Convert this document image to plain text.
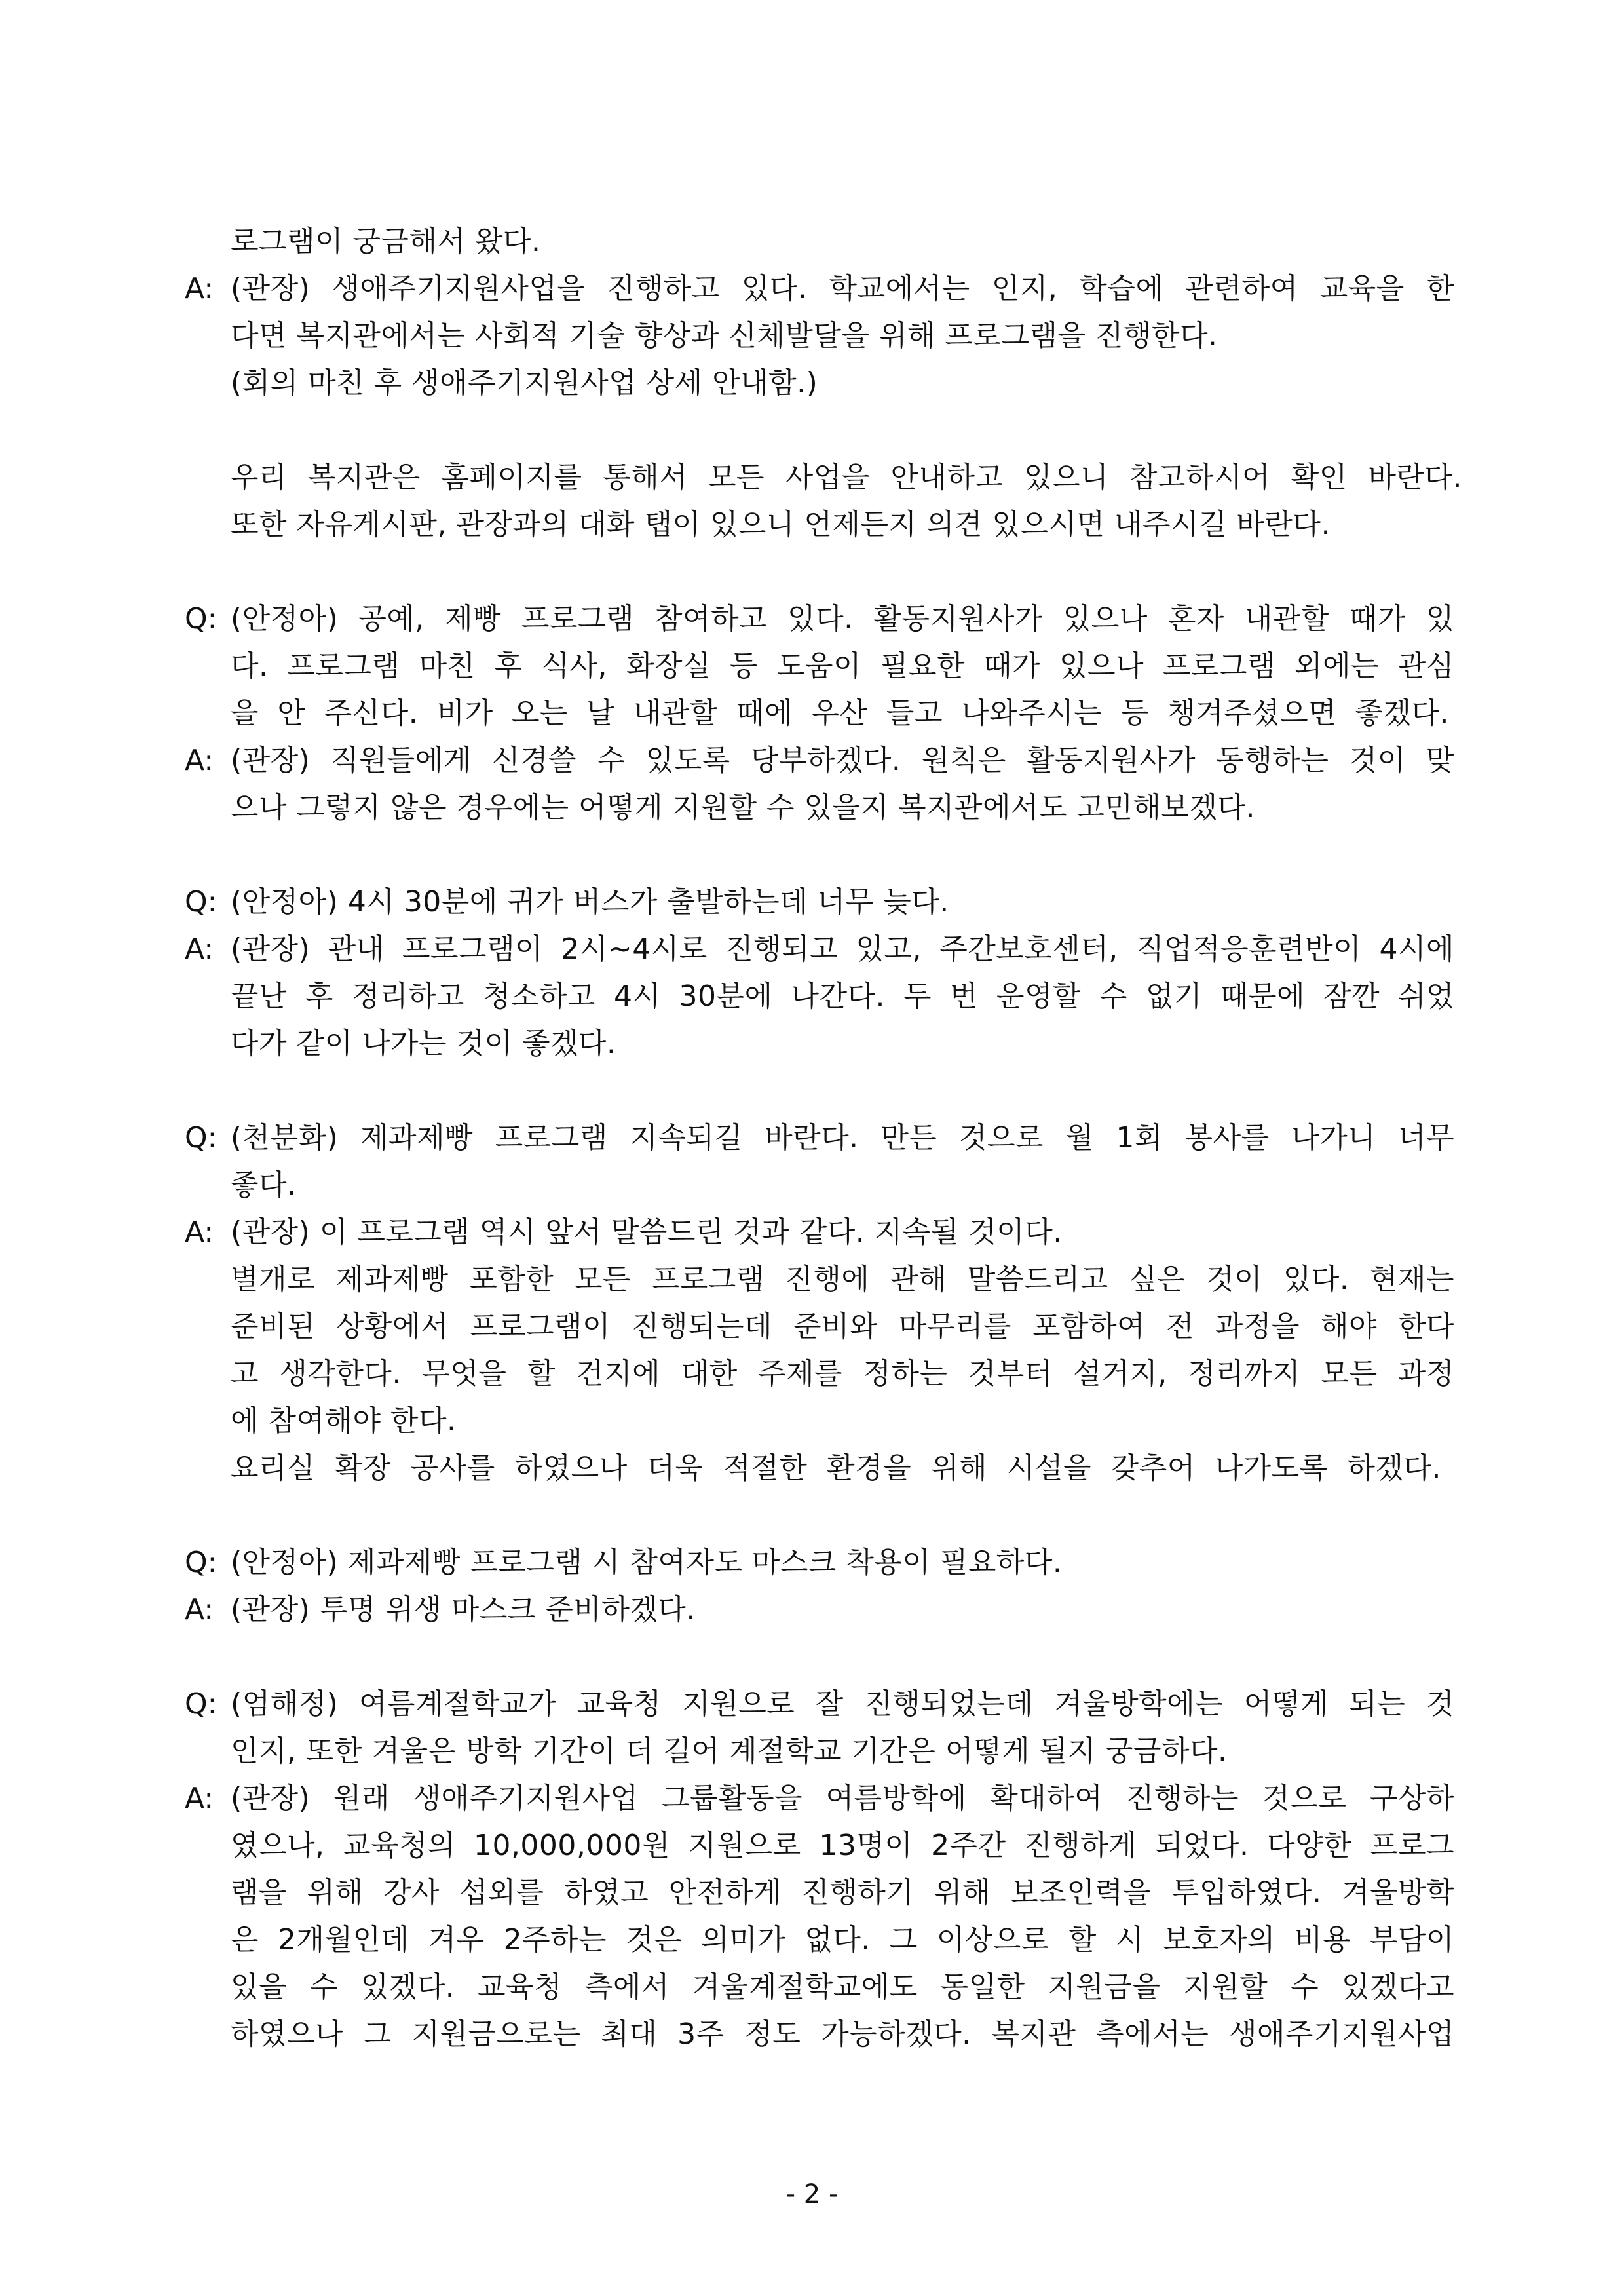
로그램이 궁금해서 왔다.
A: (관장) 생애주기지원사업을 진행하고 있다. 학교에서는 인지, 학습에 관련하여 교육을 한
다면 복지관에서는 사회적 기술 향상과 신체발달을 위해 프로그램을 진행한다.
(회의 마친 후 생애주기지원사업 상세 안내함.)
우리 복지관은 홈페이지를 통해서 모든 사업을 안내하고 있으니 참고하시어 확인 바란다.
또한 자유게시판, 관장과의 대화 탭이 있으니 언제든지 의견 있으시면 내주시길 바란다.
Q: (안정아) 공예, 제빵 프로그램 참여하고 있다. 활동지원사가 있으나 혼자 내관할 때가 있
다. 프로그램 마친 후 식사, 화장실 등 도움이 필요한 때가 있으나 프로그램 외에는 관심
을 안 주신다. 비가 오는 날 내관할 때에 우산 들고 나와주시는 등 챙겨주셨으면 좋겠다.
A: (관장) 직원들에게 신경쓸 수 있도록 당부하겠다. 원칙은 활동지원사가 동행하는 것이 맞
으나 그렇지 않은 경우에는 어떻게 지원할 수 있을지 복지관에서도 고민해보겠다.
Q: (안정아) 4시 30분에 귀가 버스가 출발하는데 너무 늦다.
A: (관장) 관내 프로그램이 2시~4시로 진행되고 있고, 주간보호센터, 직업적응훈련반이 4시에
끝난 후 정리하고 청소하고 4시 30분에 나간다. 두 번 운영할 수 없기 때문에 잠깐 쉬었
다가 같이 나가는 것이 좋겠다.
Q: (천분화) 제과제빵 프로그램 지속되길 바란다. 만든 것으로 월 1회 봉사를 나가니 너무
좋다.
A: (관장) 이 프로그램 역시 앞서 말씀드린 것과 같다. 지속될 것이다.
별개로 제과제빵 포함한 모든 프로그램 진행에 관해 말씀드리고 싶은 것이 있다. 현재는
준비된 상황에서 프로그램이 진행되는데 준비와 마무리를 포함하여 전 과정을 해야 한다
고 생각한다. 무엇을 할 건지에 대한 주제를 정하는 것부터 설거지, 정리까지 모든 과정
에 참여해야 한다.
요리실 확장 공사를 하였으나 더욱 적절한 환경을 위해 시설을 갖추어 나가도록 하겠다.
Q: (안정아) 제과제빵 프로그램 시 참여자도 마스크 착용이 필요하다.
A: (관장) 투명 위생 마스크 준비하겠다.
Q: (엄해정) 여름계절학교가 교육청 지원으로 잘 진행되었는데 겨울방학에는 어떻게 되는 것
인지, 또한 겨울은 방학 기간이 더 길어 계절학교 기간은 어떻게 될지 궁금하다.
A: (관장) 원래 생애주기지원사업 그룹활동을 여름방학에 확대하여 진행하는 것으로 구상하
였으나, 교육청의 10,000,000원 지원으로 13명이 2주간 진행하게 되었다. 다양한 프로그
램을 위해 강사 섭외를 하였고 안전하게 진행하기 위해 보조인력을 투입하였다. 겨울방학
은 2개월인데 겨우 2주하는 것은 의미가 없다. 그 이상으로 할 시 보호자의 비용 부담이
있을 수 있겠다. 교육청 측에서 겨울계절학교에도 동일한 지원금을 지원할 수 있겠다고
하였으나 그 지원금으로는 최대 3주 정도 가능하겠다. 복지관 측에서는 생애주기지원사업
- 2 -
